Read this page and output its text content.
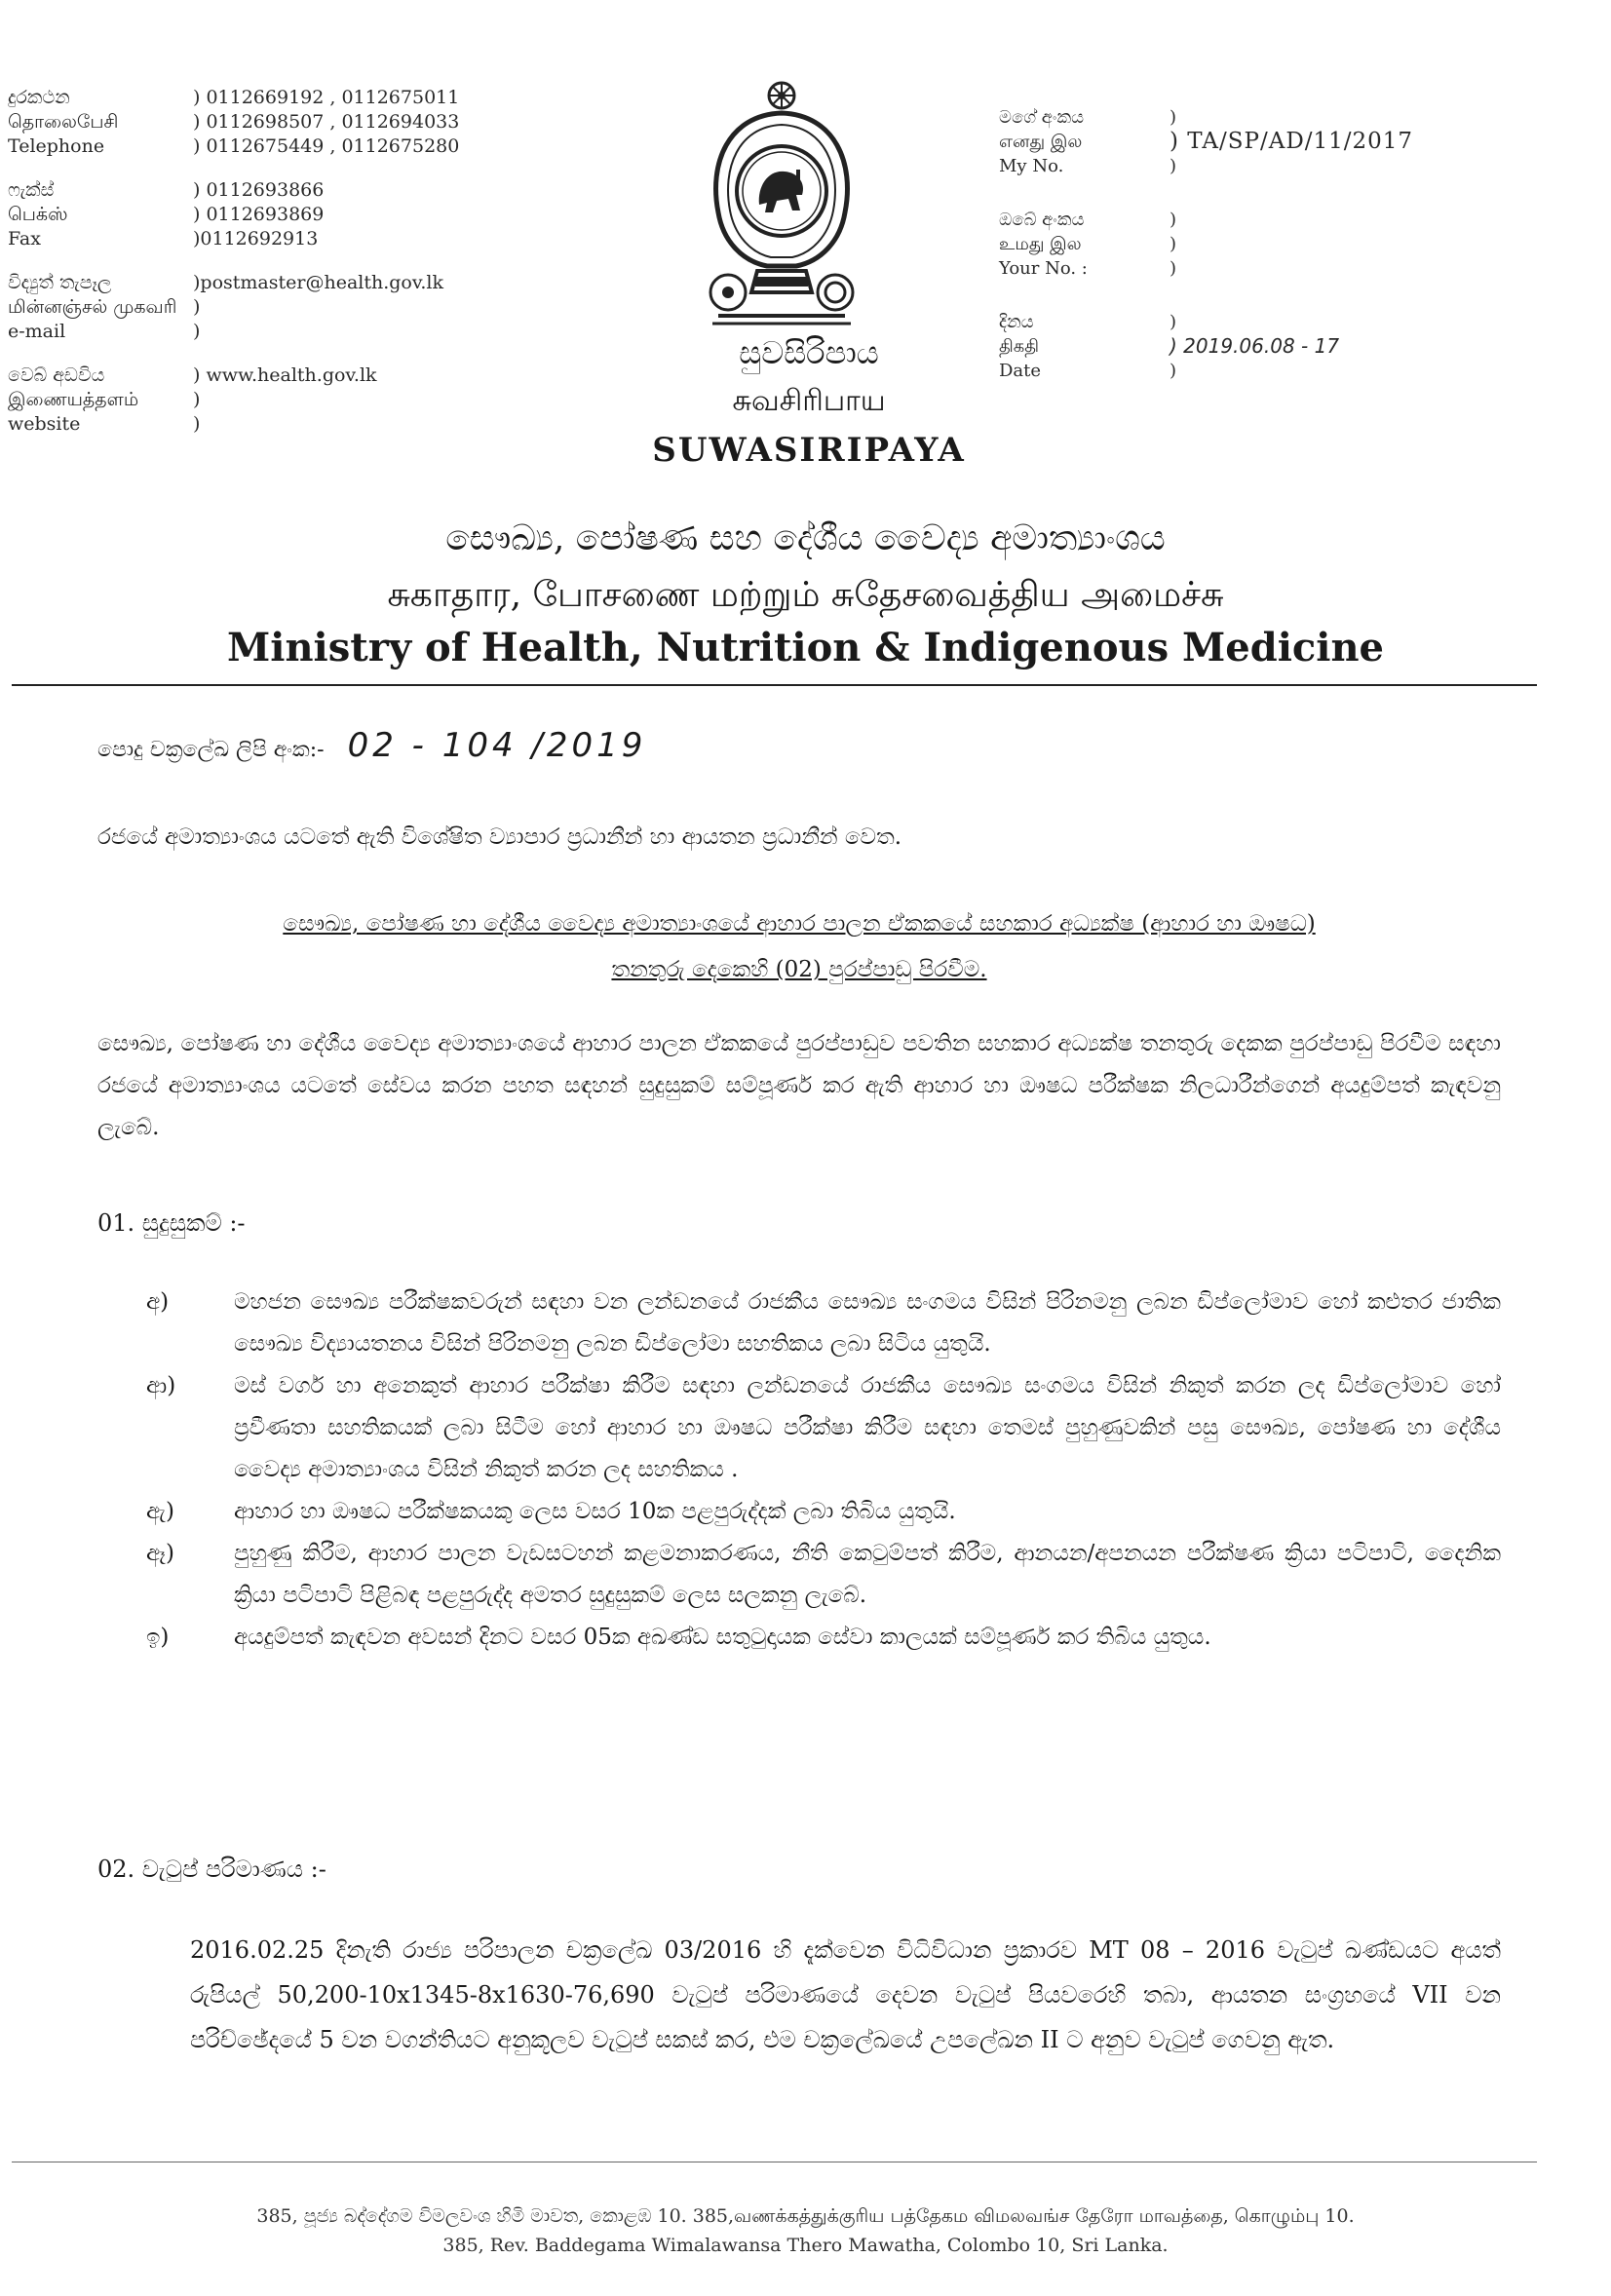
දුරකථන	) 0112669192 , 0112675011
தொலைபேசி	) 0112698507 , 0112694033
Telephone	) 0112675449 , 0112675280
ෆැක්ස්	) 0112693866
பெக்ஸ்	) 0112693869
Fax	)0112692913
විද්‍යුත් තැපෑල	)postmaster@health.gov.lk
மின்னஞ்சல் முகவரி )
e-mail	)
වෙබ් අඩවිය	) www.health.gov.lk
இணையத்தளம்	)
website	)
සුවසිරිපාය
சுவசிரிபாய
SUWASIRIPAYA
මගේ අංකය	)
எனது இல	) TA/SP/AD/11/2017
My No.	)
ඔබේ අංකය	)
உமது இல	)
Your No. :	)
දිනය	)
திகதி	) 2019.06.08 - 17
Date	)
සෞඛ්‍ය, පෝෂණ සහ දේශීය වෛද්‍ය අමාත්‍යාංශය
சுகாதார, போசணை மற்றும் சுதேசவைத்திய அமைச்சு
Ministry of Health, Nutrition & Indigenous Medicine
පොදු චක්‍රලේඛ ලිපි අංක:- 02 - 104 /2019
රජයේ අමාත්‍යාංශය යටතේ ඇති විශේෂිත ව්‍යාපාර ප්‍රධානීන් හා ආයතන ප්‍රධානීන් වෙත.
සෞඛ්‍ය, පෝෂණ හා දේශීය වෛද්‍ය අමාත්‍යාංශයේ ආහාර පාලන ඒකකයේ සහකාර අධ්‍යක්ෂ (ආහාර හා ඖෂධ)
තනතුරු දෙකෙහි (02) පුරප්පාඩු පිරවීම.
සෞඛ්‍ය, පෝෂණ හා දේශීය වෛද්‍ය අමාත්‍යාංශයේ ආහාර පාලන ඒකකයේ පුරප්පාඩුව පවතින සහකාර අධ්‍යක්ෂ තනතුරු දෙකක පුරප්පාඩු පිරවීම සඳහා රජයේ අමාත්‍යාංශය යටතේ සේවය කරන පහත සඳහන් සුදුසුකම් සම්පූර්ණ කර ඇති ආහාර හා ඖෂධ පරීක්ෂක නිලධාරීන්ගෙන් අයදුම්පත් කැඳවනු ලැබේ.
01. සුදුසුකම් :-
අ)	මහජන සෞඛ්‍ය පරීක්ෂකවරුන් සඳහා වන ලන්ඩනයේ රාජකීය සෞඛ්‍ය සංගමය විසින් පිරිනමනු ලබන ඩිප්ලෝමාව හෝ කළුතර ජාතික සෞඛ්‍ය විද්‍යායතනය විසින් පිරිනමනු ලබන ඩිප්ලෝමා සහතිකය ලබා සිටිය යුතුයි.
ආ)	මස් වර්ග හා අනෙකුත් ආහාර පරීක්ෂා කිරීම සඳහා ලන්ඩනයේ රාජකීය සෞඛ්‍ය සංගමය විසින් නිකුත් කරන ලද ඩිප්ලෝමාව හෝ ප්‍රවීණතා සහතිකයක් ලබා සිටීම හෝ ආහාර හා ඖෂධ පරීක්ෂා කිරීම සඳහා තෙමස් පුහුණුවකින් පසු සෞඛ්‍ය, පෝෂණ හා දේශීය වෛද්‍ය අමාත්‍යාංශය විසින් නිකුත් කරන ලද සහතිකය .
ඇ)	ආහාර හා ඖෂධ පරීක්ෂකයකු ලෙස වසර 10ක පළපුරුද්දක් ලබා තිබිය යුතුයි.
ඈ)	පුහුණු කිරීම, ආහාර පාලන වැඩසටහන් කළමනාකරණය, නීති කෙටුම්පත් කිරීම, ආනයන/අපනයන පරීක්ෂණ ක්‍රියා පටිපාටි, දෛනික ක්‍රියා පටිපාටි පිළිබඳ පළපුරුද්ද අමතර සුදුසුකම් ලෙස සලකනු ලැබේ.
ඉ)	අයදුම්පත් කැඳවන අවසන් දිනට වසර 05ක අඛණ්ඩ සතුටුදායක සේවා කාලයක් සම්පූර්ණ කර තිබිය යුතුය.
02. වැටුප් පරිමාණය :-
2016.02.25 දිනැති රාජ්‍ය පරිපාලන චක්‍රලේඛ 03/2016 හි දැක්වෙන විධිවිධාන ප්‍රකාරව MT 08 – 2016 වැටුප් ඛණ්ඩයට අයත් රුපියල් 50,200-10x1345-8x1630-76,690 වැටුප් පරිමාණයේ දෙවන වැටුප් පියවරෙහි තබා, ආයතන සංග්‍රහයේ VII වන පරිච්ඡේදයේ 5 වන වගන්තියට අනුකූලව වැටුප් සකස් කර, එම චක්‍රලේඛයේ උපලේඛන II ට අනුව වැටුප් ගෙවනු ඇත.
385, පූජ්‍ය බද්දේගම විමලවංශ හිමි මාවත, කොළඹ 10. 385,வணக்கத்துக்குரிய பத்தேகம விமலவங்ச தேரோ மாவத்தை, கொழும்பு 10.
385, Rev. Baddegama Wimalawansa Thero Mawatha, Colombo 10, Sri Lanka.
